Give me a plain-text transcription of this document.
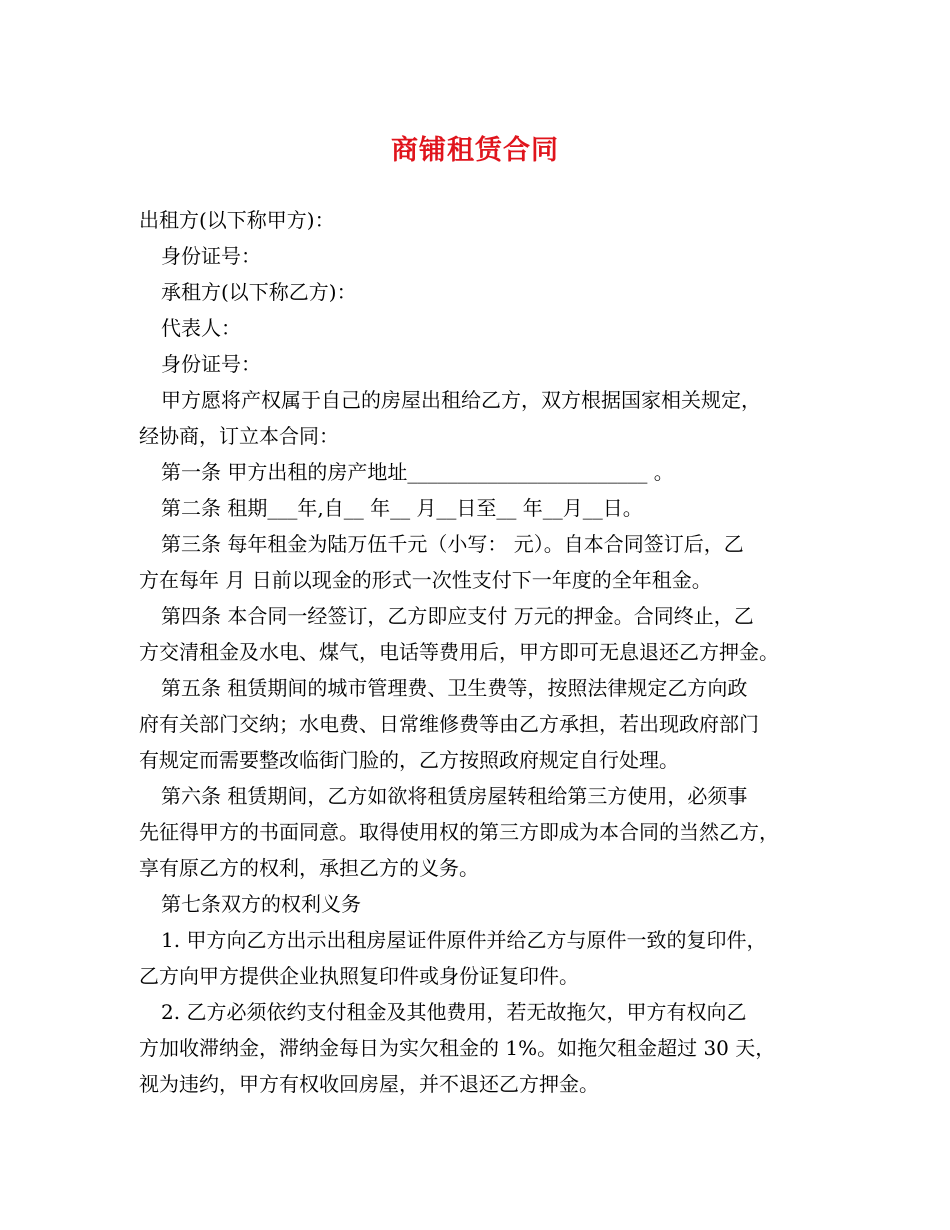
商铺租赁合同
出租方(以下称甲方)：
身份证号：
承租方(以下称乙方)：
代表人：
身份证号：
甲方愿将产权属于自己的房屋出租给乙方，双方根据国家相关规定，
经协商，订立本合同：
第一条 甲方出租的房产地址________________________ 。
第二条 租期___年,自__ 年__ 月__日至__ 年__月__日。
第三条 每年租金为陆万伍千元（小写： 元）。自本合同签订后，乙
方在每年 月 日前以现金的形式一次性支付下一年度的全年租金。
第四条 本合同一经签订，乙方即应支付 万元的押金。合同终止，乙
方交清租金及水电、煤气，电话等费用后，甲方即可无息退还乙方押金。
第五条 租赁期间的城市管理费、卫生费等，按照法律规定乙方向政
府有关部门交纳；水电费、日常维修费等由乙方承担，若出现政府部门
有规定而需要整改临街门脸的，乙方按照政府规定自行处理。
第六条 租赁期间，乙方如欲将租赁房屋转租给第三方使用，必须事
先征得甲方的书面同意。取得使用权的第三方即成为本合同的当然乙方，
享有原乙方的权利，承担乙方的义务。
第七条双方的权利义务
1. 甲方向乙方出示出租房屋证件原件并给乙方与原件一致的复印件，
乙方向甲方提供企业执照复印件或身份证复印件。
2. 乙方必须依约支付租金及其他费用，若无故拖欠，甲方有权向乙
方加收滞纳金，滞纳金每日为实欠租金的 1%。如拖欠租金超过 30 天，
视为违约，甲方有权收回房屋，并不退还乙方押金。
